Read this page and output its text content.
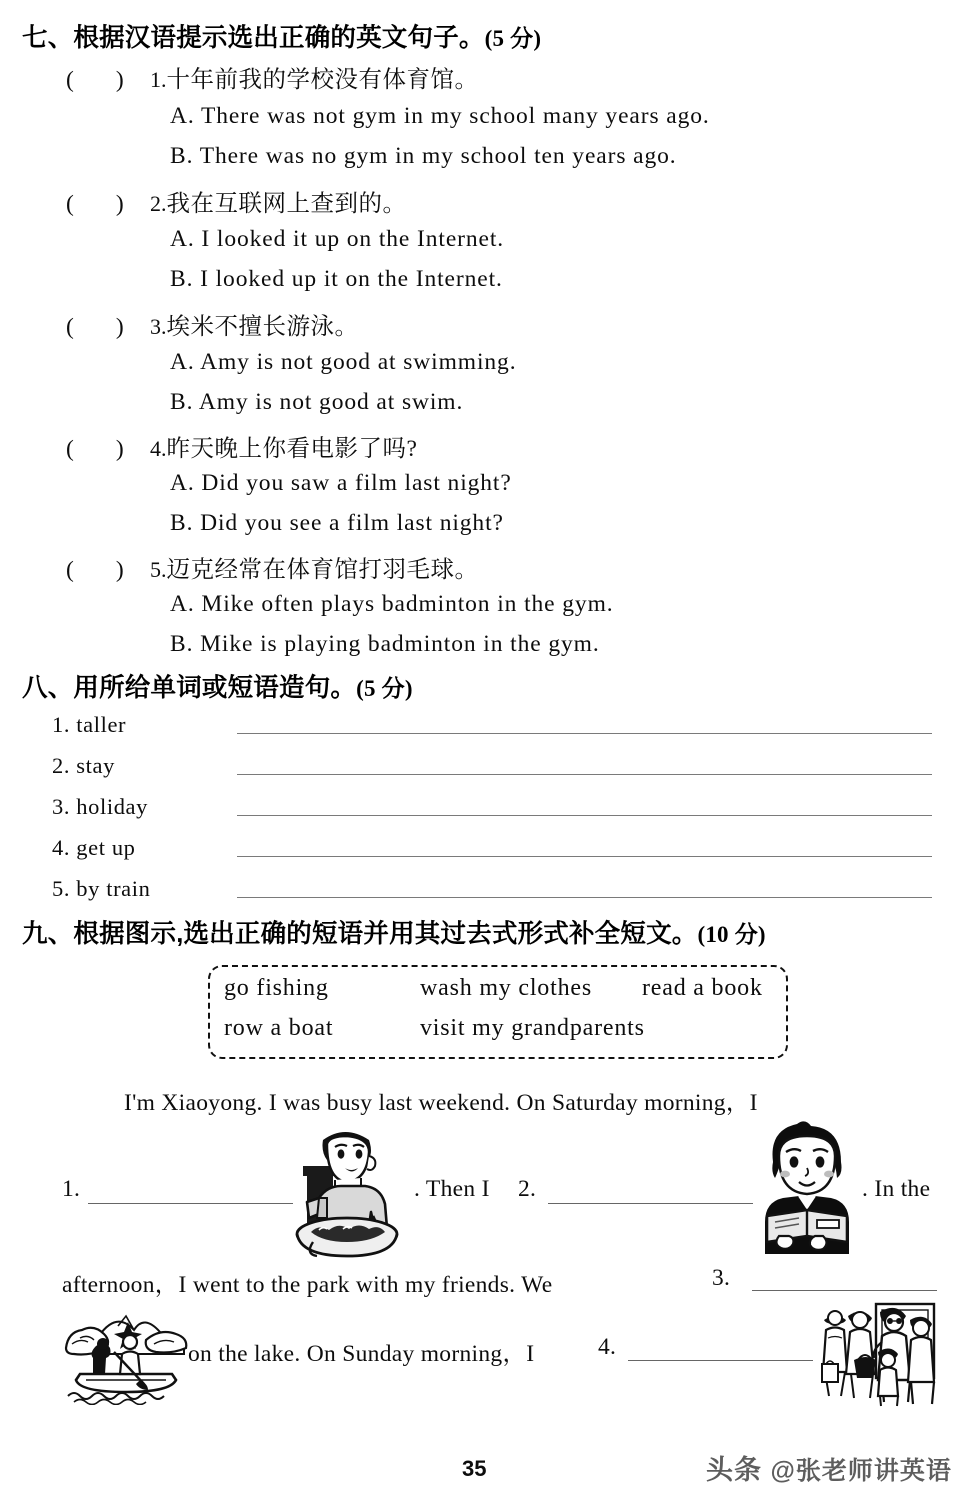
七、根据汉语提示选出正确的英文句子。(5 分)
( )	1. 十年前我的学校没有体育馆。
A. There was not gym in my school many years ago.
B. There was no gym in my school ten years ago.
( )	2. 我在互联网上查到的。
A. I looked it up on the Internet.
B. I looked up it on the Internet.
( )	3. 埃米不擅长游泳。
A. Amy is not good at swimming.
B. Amy is not good at swim.
( )	4. 昨天晚上你看电影了吗?
A. Did you saw a film last night?
B. Did you see a film last night?
( )	5. 迈克经常在体育馆打羽毛球。
A. Mike often plays badminton in the gym.
B. Mike is playing badminton in the gym.
八、用所给单词或短语造句。(5 分)
1. taller
2. stay
3. holiday
4. get up
5. by train
九、根据图示,选出正确的短语并用其过去式形式补全短文。(10 分)
go fishing	wash my clothes	read a book
row a boat	visit my grandparents
I'm Xiaoyong. I was busy last weekend. On Saturday morning，I
1.	. Then I 2.	. In the
afternoon，I went to the park with my friends. We	3.
on the lake. On Sunday morning，I	4.
35	头条 @张老师讲英语
